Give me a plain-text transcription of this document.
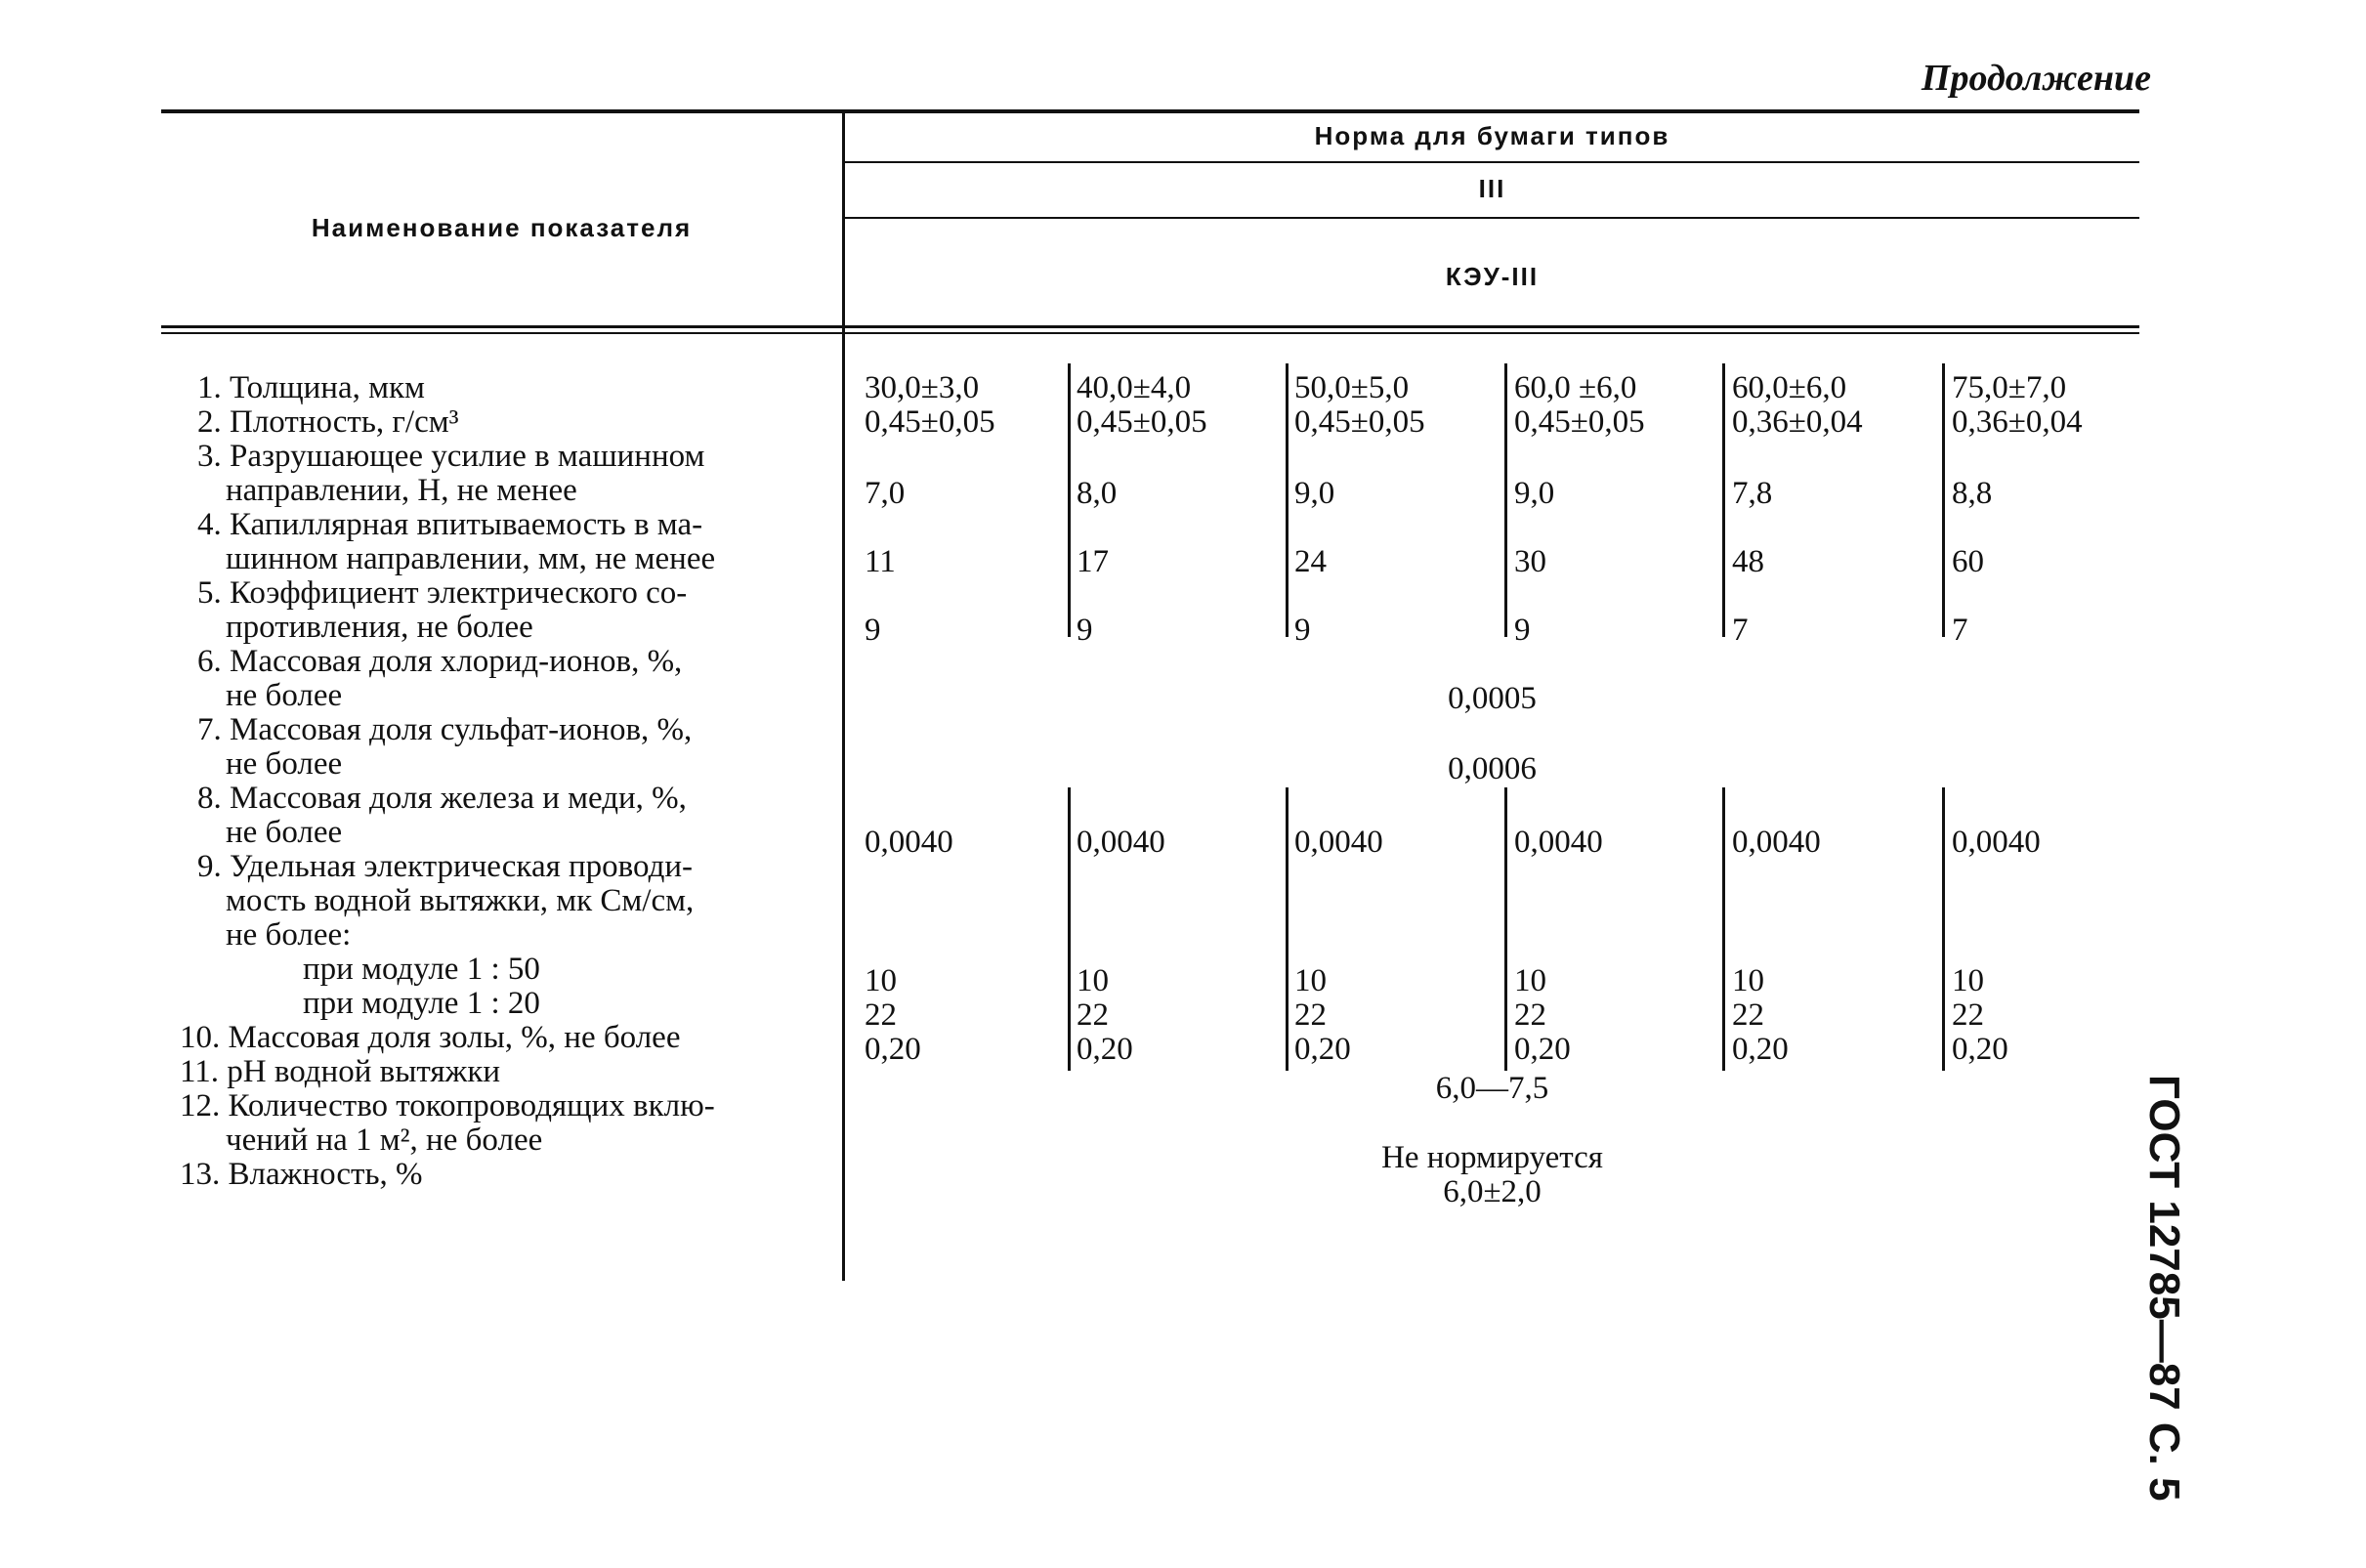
Продолжение
ГОСТ 12785—87 С. 5
Наименование показателя
Норма для бумаги типов
III
КЭУ-III
1. Толщина, мкм
2. Плотность, г/см³
3. Разрушающее усилие в машинном
направлении, Н, не менее
4. Капиллярная впитываемость в ма-
шинном направлении, мм, не менее
5. Коэффициент электрического со-
противления, не более
6. Массовая доля хлорид-ионов, %,
не более
7. Массовая доля сульфат-ионов, %,
не более
8. Массовая доля железа и меди, %,
не более
9. Удельная электрическая проводи-
мость водной вытяжки, мк См/см,
не более:
при модуле 1 : 50
при модуле 1 : 20
10. Массовая доля золы, %, не более
11. pH водной вытяжки
12. Количество токопроводящих вклю-
чений на 1 м², не более
13. Влажность, %
30,0±3,0
0,45±0,05
7,0
11
9
0,0040
10
22
0,20
40,0±4,0
0,45±0,05
8,0
17
9
0,0040
10
22
0,20
50,0±5,0
0,45±0,05
9,0
24
9
0,0040
10
22
0,20
60,0 ±6,0
0,45±0,05
9,0
30
9
0,0040
10
22
0,20
60,0±6,0
0,36±0,04
7,8
48
7
0,0040
10
22
0,20
75,0±7,0
0,36±0,04
8,8
60
7
0,0040
10
22
0,20
0,0005
0,0006
6,0—7,5
Не нормируется
6,0±2,0
